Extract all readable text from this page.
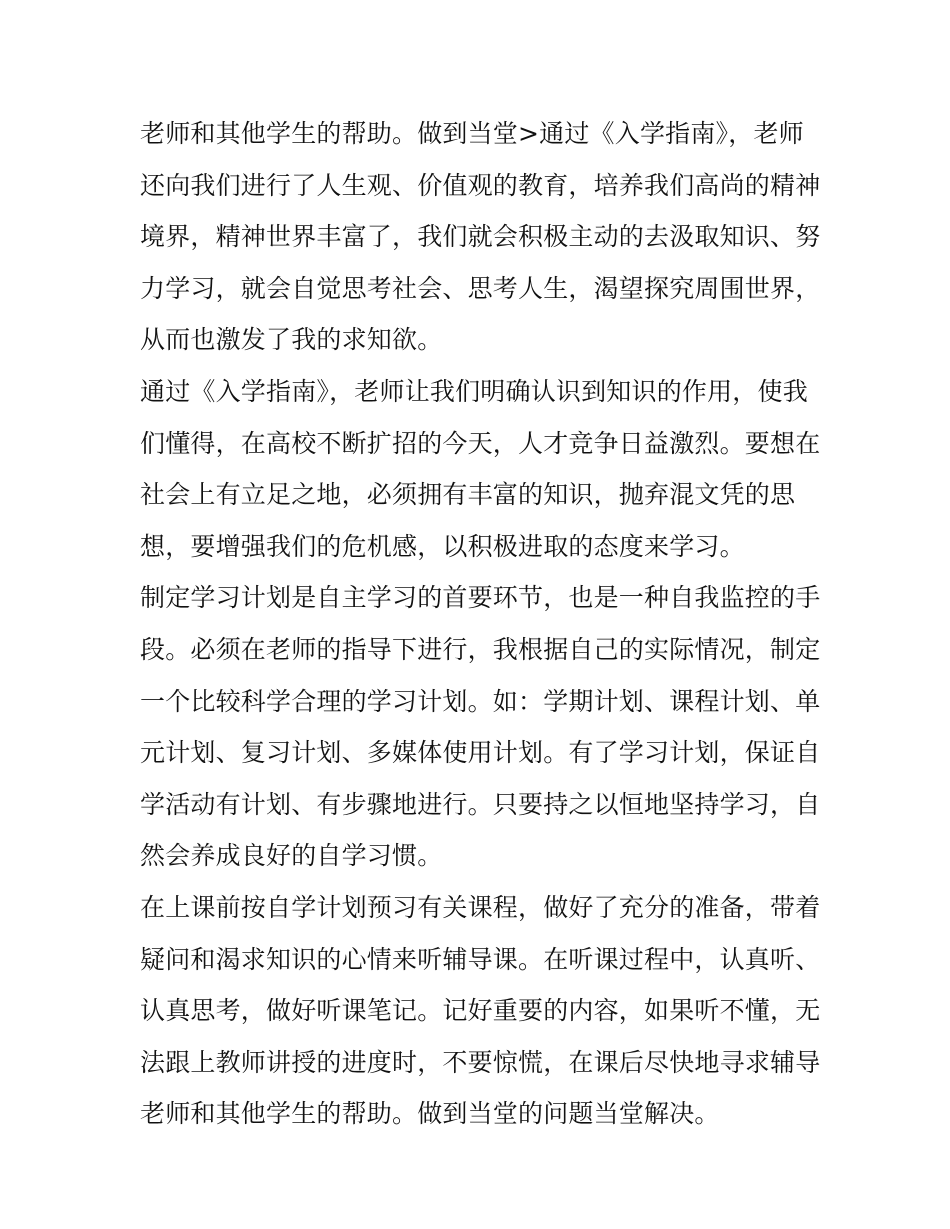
老师和其他学生的帮助。做到当堂>通过《入学指南》，老师
还向我们进行了人生观、价值观的教育，培养我们高尚的精神
境界，精神世界丰富了，我们就会积极主动的去汲取知识、努
力学习，就会自觉思考社会、思考人生，渴望探究周围世界，
从而也激发了我的求知欲。
通过《入学指南》，老师让我们明确认识到知识的作用，使我
们懂得，在高校不断扩招的今天，人才竞争日益激烈。要想在
社会上有立足之地，必须拥有丰富的知识，抛弃混文凭的思
想，要增强我们的危机感，以积极进取的态度来学习。
制定学习计划是自主学习的首要环节，也是一种自我监控的手
段。必须在老师的指导下进行，我根据自己的实际情况，制定
一个比较科学合理的学习计划。如：学期计划、课程计划、单
元计划、复习计划、多媒体使用计划。有了学习计划，保证自
学活动有计划、有步骤地进行。只要持之以恒地坚持学习，自
然会养成良好的自学习惯。
在上课前按自学计划预习有关课程，做好了充分的准备，带着
疑问和渴求知识的心情来听辅导课。在听课过程中，认真听、
认真思考，做好听课笔记。记好重要的内容，如果听不懂，无
法跟上教师讲授的进度时，不要惊慌，在课后尽快地寻求辅导
老师和其他学生的帮助。做到当堂的问题当堂解决。
